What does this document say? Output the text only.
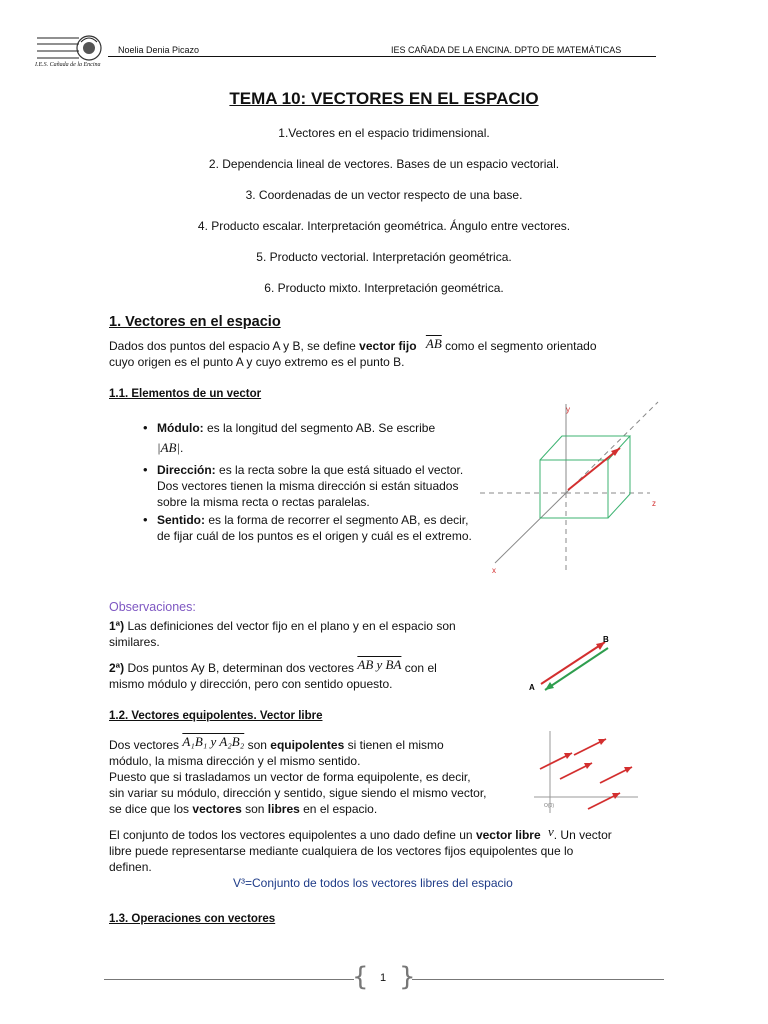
I.E.S. Cañada de la Encina
Noelia Denia Picazo	IES CAÑADA DE LA ENCINA. DPTO DE MATEMÁTICAS
TEMA 10: VECTORES EN EL ESPACIO
1.Vectores en el espacio tridimensional.
2. Dependencia lineal de vectores. Bases de un espacio vectorial.
3. Coordenadas de un vector respecto de una base.
4. Producto escalar. Interpretación geométrica. Ángulo entre vectores.
5. Producto vectorial. Interpretación geométrica.
6. Producto mixto. Interpretación geométrica.
1. Vectores en el espacio
Dados dos puntos del espacio A y B, se define vector fijo $\overline{AB}$ como el segmento orientado
cuyo origen es el punto A y cuyo extremo es el punto B.
1.1. Elementos de un vector
• Módulo: es la longitud del segmento AB. Se escribe
|AB|.
• Dirección: es la recta sobre la que está situado el vector. Dos vectores tienen la misma dirección si están situados sobre la misma recta o rectas paralelas.
• Sentido: es la forma de recorrer el segmento AB, es decir, de fijar cuál de los puntos es el origen y cuál es el extremo.
y
z
x
Observaciones:
1ª) Las definiciones del vector fijo en el plano y en el espacio son similares.
2ª) Dos puntos Ay B, determinan dos vectores AB y BA con el
mismo módulo y dirección, pero con sentido opuesto.
B
A
1.2. Vectores equipolentes. Vector libre
Dos vectores A₁B₁ y A₂B₂ son equipolentes si tienen el mismo
módulo, la misma dirección y el mismo sentido.
Puesto que si trasladamos un vector de forma equipolente, es decir,
sin variar su módulo, dirección y sentido, sigue siendo el mismo vector,
se dice que los vectores son libres en el espacio.	O(0)
El conjunto de todos los vectores equipolentes a uno dado define un vector libre v. Un vector
libre puede representarse mediante cualquiera de los vectores fijos equipolentes que lo
definen.
V³=Conjunto de todos los vectores libres del espacio
1.3. Operaciones con vectores
{ }
1
